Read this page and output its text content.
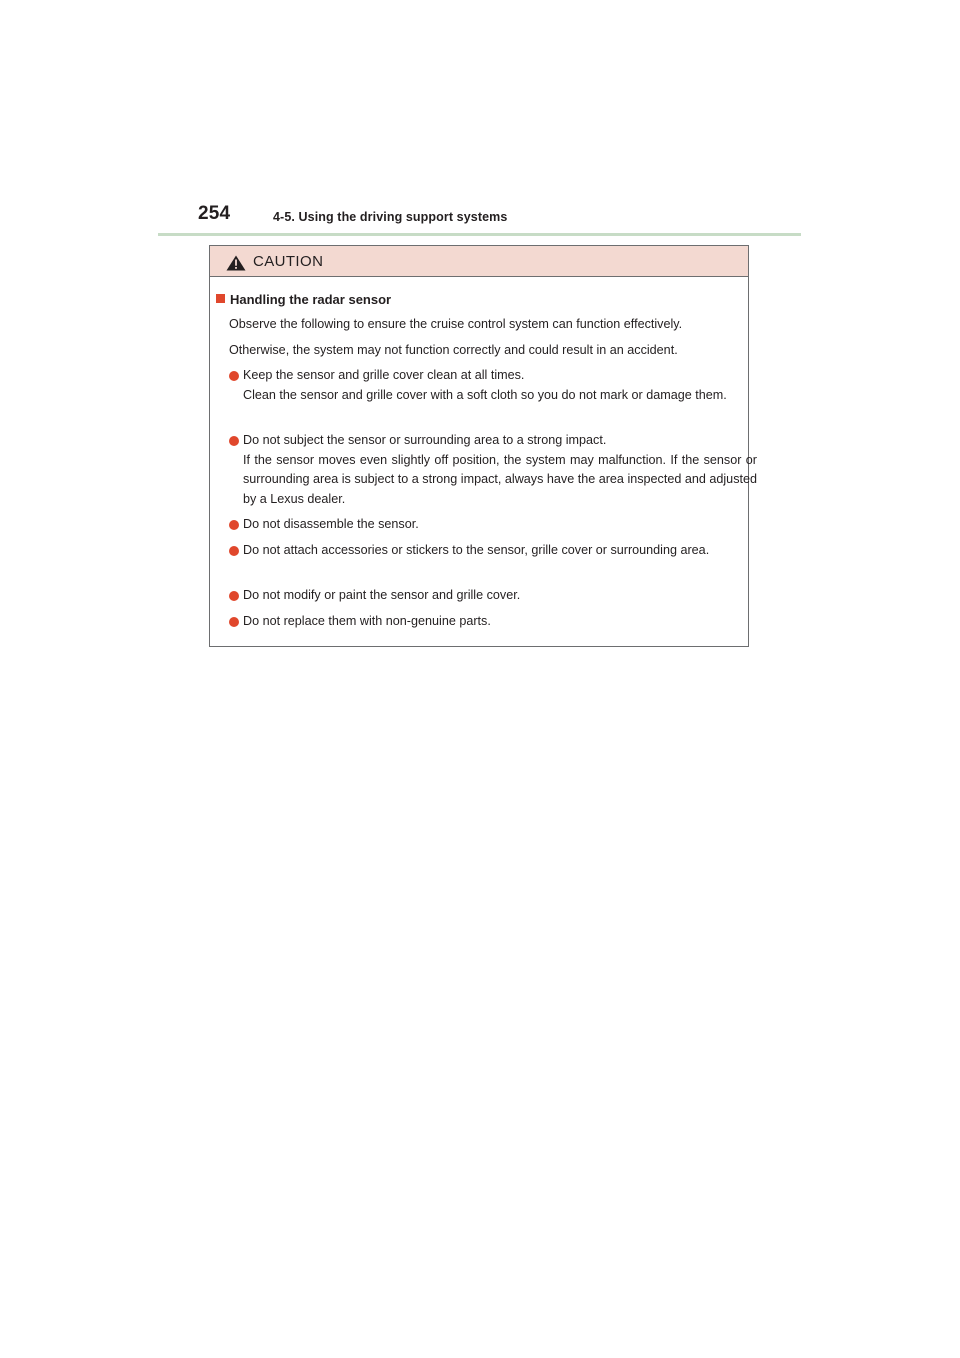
254	4-5. Using the driving support systems
CAUTION
Handling the radar sensor
Observe the following to ensure the cruise control system can function effectively.
Otherwise, the system may not function correctly and could result in an accident.
Keep the sensor and grille cover clean at all times.
Clean the sensor and grille cover with a soft cloth so you do not mark or damage them.
Do not subject the sensor or surrounding area to a strong impact.
If the sensor moves even slightly off position, the system may malfunction. If the sensor or surrounding area is subject to a strong impact, always have the area inspected and adjusted by a Lexus dealer.
Do not disassemble the sensor.
Do not attach accessories or stickers to the sensor, grille cover or surrounding area.
Do not modify or paint the sensor and grille cover.
Do not replace them with non-genuine parts.
